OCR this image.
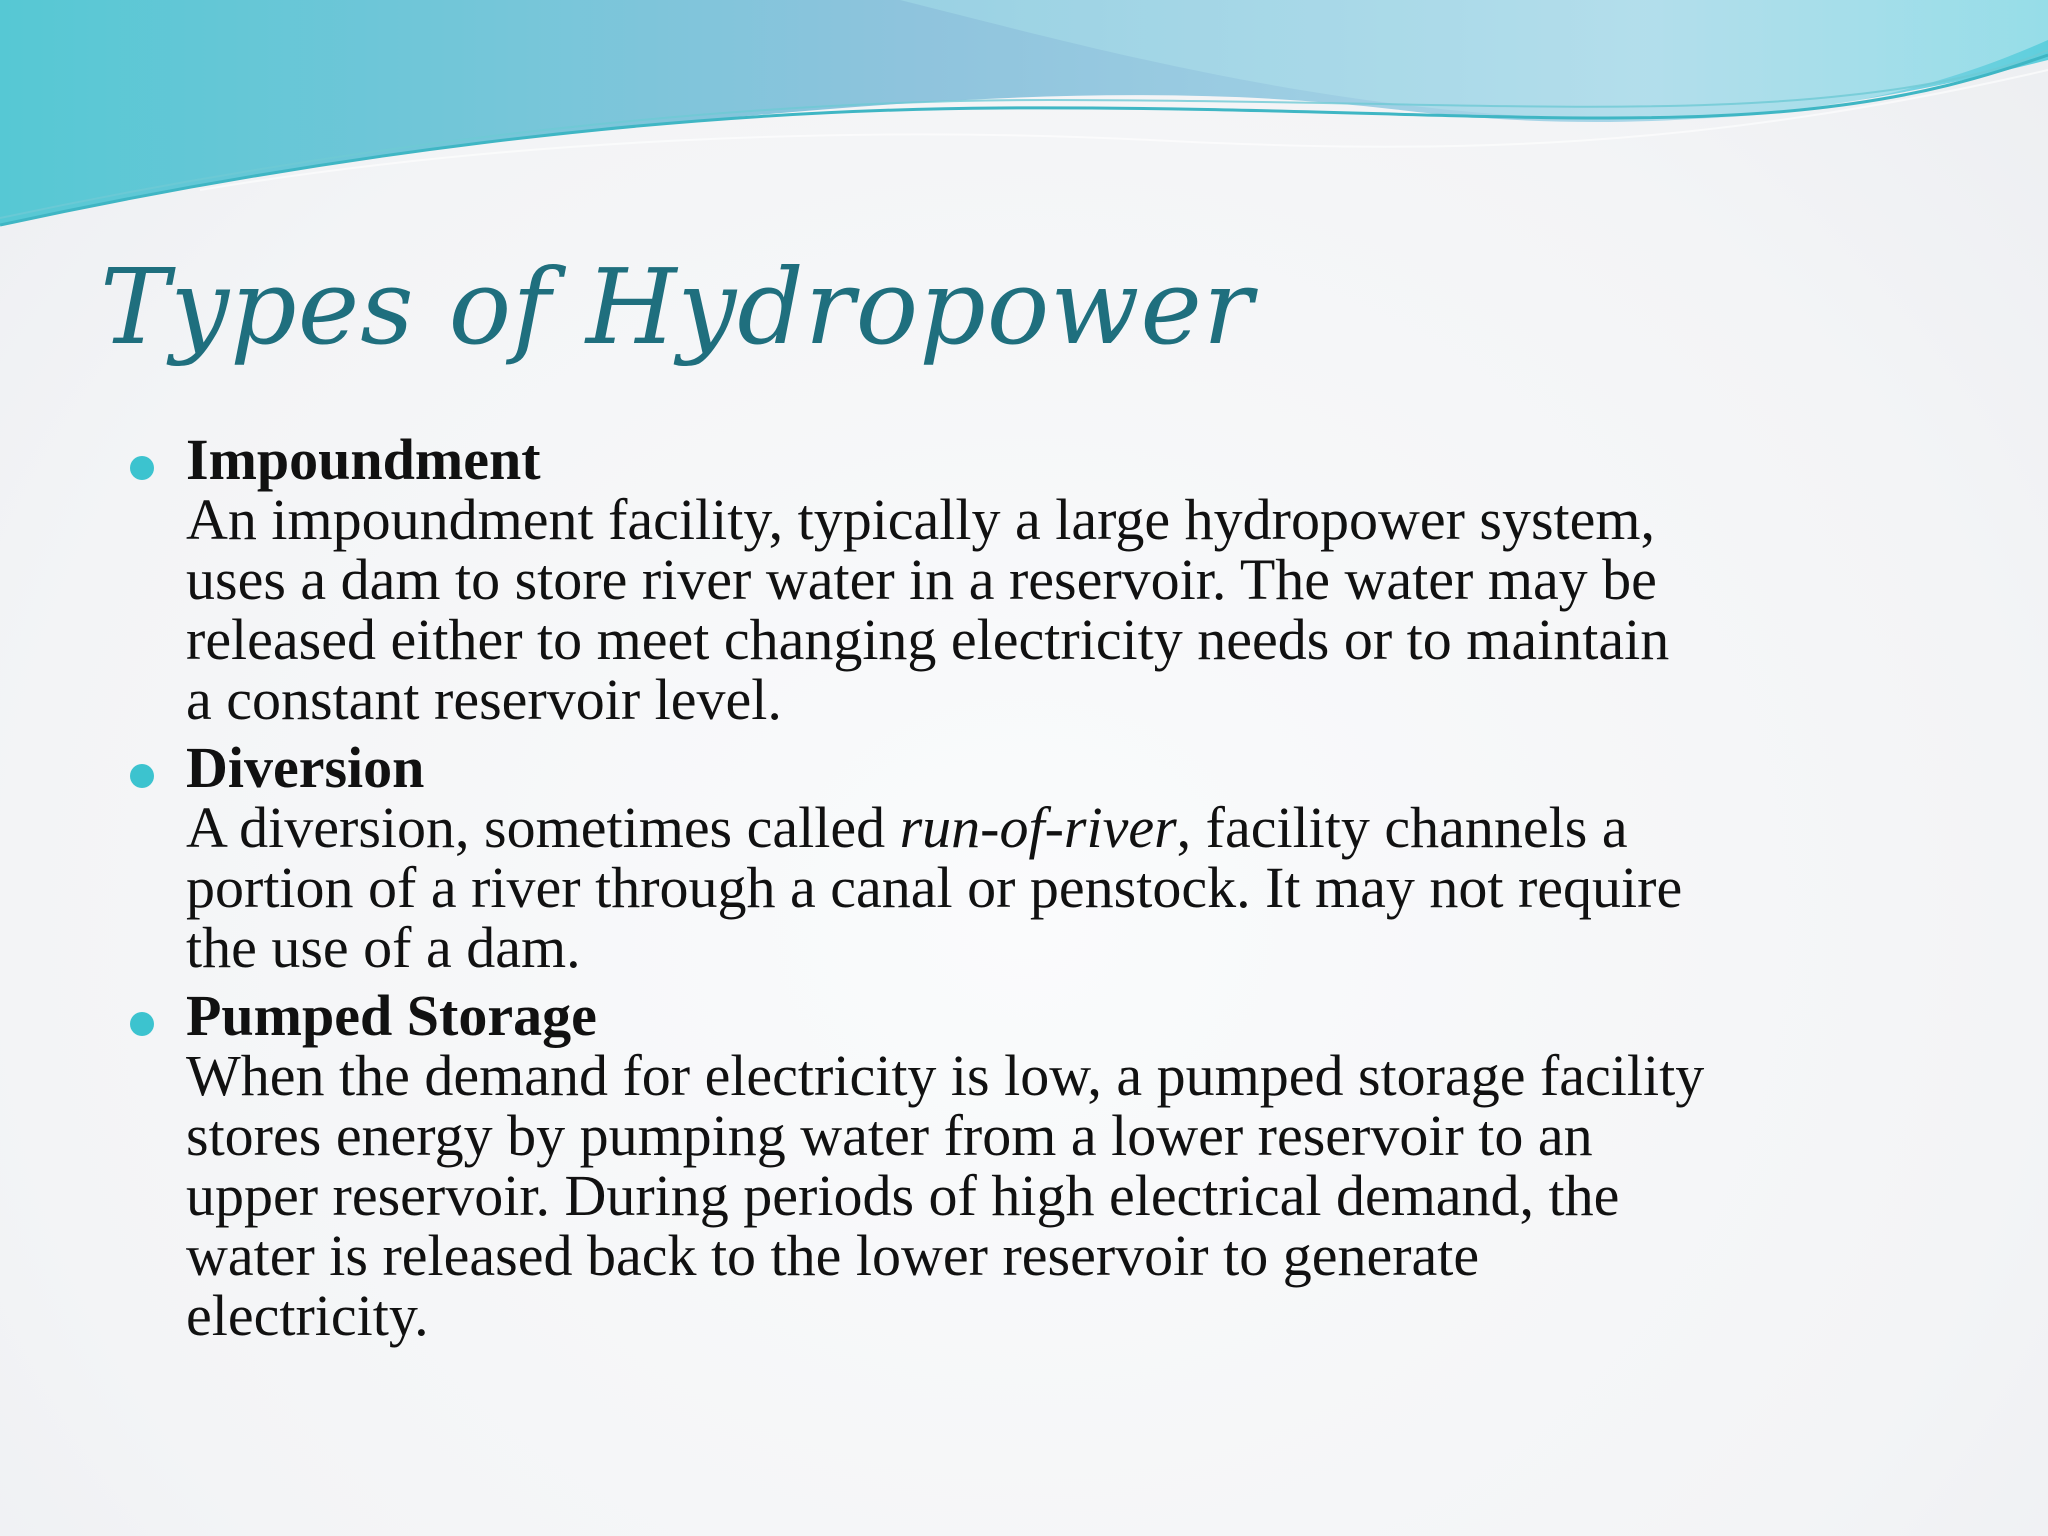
Types of Hydropower
Impoundment
An impoundment facility, typically a large hydropower system,
uses a dam to store river water in a reservoir. The water may be
released either to meet changing electricity needs or to maintain
a constant reservoir level.
Diversion
A diversion, sometimes called run-of-river, facility channels a
portion of a river through a canal or penstock. It may not require
the use of a dam.
Pumped Storage
When the demand for electricity is low, a pumped storage facility
stores energy by pumping water from a lower reservoir to an
upper reservoir. During periods of high electrical demand, the
water is released back to the lower reservoir to generate
electricity.
